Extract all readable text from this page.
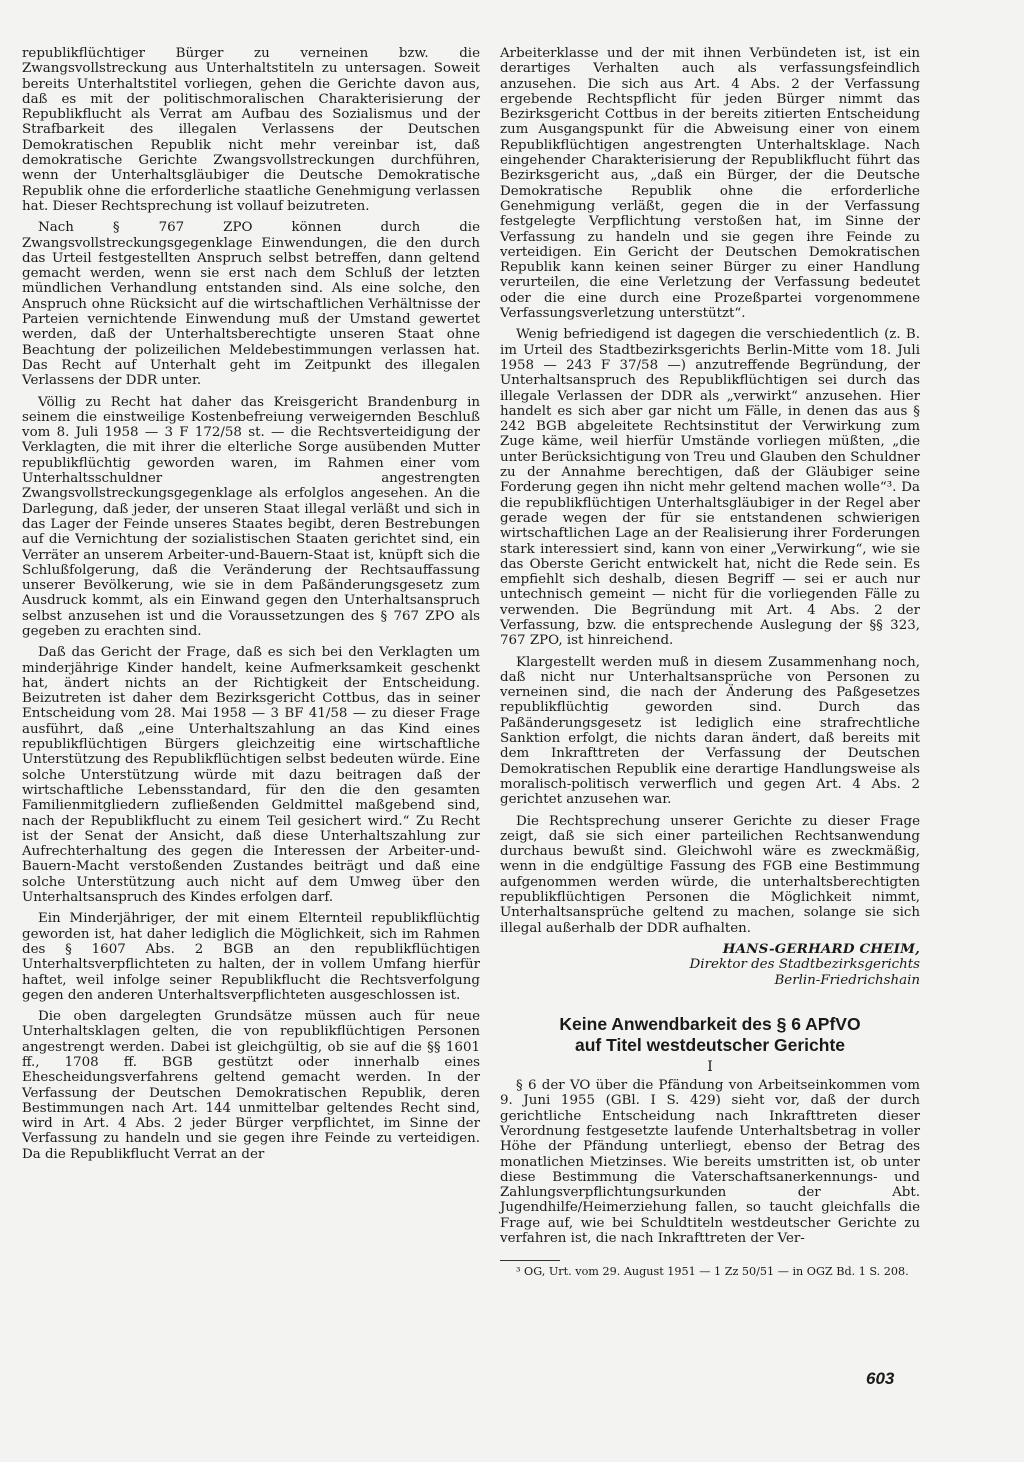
republikflüchtiger Bürger zu verneinen bzw. die Zwangsvollstreckung aus Unterhaltstiteln zu untersagen. Soweit bereits Unterhaltstitel vorliegen, gehen die Gerichte davon aus, daß es mit der politischmoralischen Charakterisierung der Republikflucht als Verrat am Aufbau des Sozialismus und der Strafbarkeit des illegalen Verlassens der Deutschen Demokratischen Republik nicht mehr vereinbar ist, daß demokratische Gerichte Zwangsvollstreckungen durchführen, wenn der Unterhaltsgläubiger die Deutsche Demokratische Republik ohne die erforderliche staatliche Genehmigung verlassen hat. Dieser Rechtsprechung ist vollauf beizutreten.

Nach § 767 ZPO können durch die Zwangsvollstreckungsgegenklage Einwendungen, die den durch das Urteil festgestellten Anspruch selbst betreffen, dann geltend gemacht werden, wenn sie erst nach dem Schluß der letzten mündlichen Verhandlung entstanden sind. Als eine solche, den Anspruch ohne Rücksicht auf die wirtschaftlichen Verhältnisse der Parteien vernichtende Einwendung muß der Umstand gewertet werden, daß der Unterhaltsberechtigte unseren Staat ohne Beachtung der polizeilichen Meldebestimmungen verlassen hat. Das Recht auf Unterhalt geht im Zeitpunkt des illegalen Verlassens der DDR unter.

Völlig zu Recht hat daher das Kreisgericht Brandenburg in seinem die einstweilige Kostenbefreiung verweigernden Beschluß vom 8. Juli 1958 — 3 F 172/58 st. — die Rechtsverteidigung der Verklagten, die mit ihrer die elterliche Sorge ausübenden Mutter republikflüchtig geworden waren, im Rahmen einer vom Unterhaltsschuldner angestrengten Zwangsvollstreckungsgegenklage als erfolglos angesehen. An die Darlegung, daß jeder, der unseren Staat illegal verläßt und sich in das Lager der Feinde unseres Staates begibt, deren Bestrebungen auf die Vernichtung der sozialistischen Staaten gerichtet sind, ein Verräter an unserem Arbeiter-und-Bauern-Staat ist, knüpft sich die Schlußfolgerung, daß die Veränderung der Rechtsauffassung unserer Bevölkerung, wie sie in dem Paßänderungsgesetz zum Ausdruck kommt, als ein Einwand gegen den Unterhaltsanspruch selbst anzusehen ist und die Voraussetzungen des § 767 ZPO als gegeben zu erachten sind.

Daß das Gericht der Frage, daß es sich bei den Verklagten um minderjährige Kinder handelt, keine Aufmerksamkeit geschenkt hat, ändert nichts an der Richtigkeit der Entscheidung. Beizutreten ist daher dem Bezirksgericht Cottbus, das in seiner Entscheidung vom 28. Mai 1958 — 3 BF 41/58 — zu dieser Frage ausführt, daß „eine Unterhaltszahlung an das Kind eines republikflüchtigen Bürgers gleichzeitig eine wirtschaftliche Unterstützung des Republikflüchtigen selbst bedeuten würde. Eine solche Unterstützung würde mit dazu beitragen daß der wirtschaftliche Lebensstandard, für den die den gesamten Familienmitgliedern zufließenden Geldmittel maßgebend sind, nach der Republikflucht zu einem Teil gesichert wird.“ Zu Recht ist der Senat der Ansicht, daß diese Unterhaltszahlung zur Aufrechterhaltung des gegen die Interessen der Arbeiter-und-Bauern-Macht verstoßenden Zustandes beiträgt und daß eine solche Unterstützung auch nicht auf dem Umweg über den Unterhaltsanspruch des Kindes erfolgen darf.

Ein Minderjähriger, der mit einem Elternteil republikflüchtig geworden ist, hat daher lediglich die Möglichkeit, sich im Rahmen des § 1607 Abs. 2 BGB an den republikflüchtigen Unterhaltsverpflichteten zu halten, der in vollem Umfang hierfür haftet, weil infolge seiner Republikflucht die Rechtsverfolgung gegen den anderen Unterhaltsverpflichteten ausgeschlossen ist.

Die oben dargelegten Grundsätze müssen auch für neue Unterhaltsklagen gelten, die von republikflüchtigen Personen angestrengt werden. Dabei ist gleichgültig, ob sie auf die §§ 1601 ff., 1708 ff. BGB gestützt oder innerhalb eines Ehescheidungsverfahrens geltend gemacht werden. In der Verfassung der Deutschen Demokratischen Republik, deren Bestimmungen nach Art. 144 unmittelbar geltendes Recht sind, wird in Art. 4 Abs. 2 jeder Bürger verpflichtet, im Sinne der Verfassung zu handeln und sie gegen ihre Feinde zu verteidigen. Da die Republikflucht Verrat an der

Arbeiterklasse und der mit ihnen Verbündeten ist, ist ein derartiges Verhalten auch als verfassungsfeindlich anzusehen. Die sich aus Art. 4 Abs. 2 der Verfassung ergebende Rechtspflicht für jeden Bürger nimmt das Bezirksgericht Cottbus in der bereits zitierten Entscheidung zum Ausgangspunkt für die Abweisung einer von einem Republikflüchtigen angestrengten Unterhaltsklage. Nach eingehender Charakterisierung der Republikflucht führt das Bezirksgericht aus, „daß ein Bürger, der die Deutsche Demokratische Republik ohne die erforderliche Genehmigung verläßt, gegen die in der Verfassung festgelegte Verpflichtung verstoßen hat, im Sinne der Verfassung zu handeln und sie gegen ihre Feinde zu verteidigen. Ein Gericht der Deutschen Demokratischen Republik kann keinen seiner Bürger zu einer Handlung verurteilen, die eine Verletzung der Verfassung bedeutet oder die eine durch eine Prozeßpartei vorgenommene Verfassungsverletzung unterstützt“.

Wenig befriedigend ist dagegen die verschiedentlich (z. B. im Urteil des Stadtbezirksgerichts Berlin-Mitte vom 18. Juli 1958 — 243 F 37/58 —) anzutreffende Begründung, der Unterhaltsanspruch des Republikflüchtigen sei durch das illegale Verlassen der DDR als „verwirkt“ anzusehen. Hier handelt es sich aber gar nicht um Fälle, in denen das aus § 242 BGB abgeleitete Rechtsinstitut der Verwirkung zum Zuge käme, weil hierfür Umstände vorliegen müßten, „die unter Berücksichtigung von Treu und Glauben den Schuldner zu der Annahme berechtigen, daß der Gläubiger seine Forderung gegen ihn nicht mehr geltend machen wolle“³. Da die republikflüchtigen Unterhaltsgläubiger in der Regel aber gerade wegen der für sie entstandenen schwierigen wirtschaftlichen Lage an der Realisierung ihrer Forderungen stark interessiert sind, kann von einer „Verwirkung“, wie sie das Oberste Gericht entwickelt hat, nicht die Rede sein. Es empfiehlt sich deshalb, diesen Begriff — sei er auch nur untechnisch gemeint — nicht für die vorliegenden Fälle zu verwenden. Die Begründung mit Art. 4 Abs. 2 der Verfassung, bzw. die entsprechende Auslegung der §§ 323, 767 ZPO, ist hinreichend.

Klargestellt werden muß in diesem Zusammenhang noch, daß nicht nur Unterhaltsansprüche von Personen zu verneinen sind, die nach der Änderung des Paßgesetzes republikflüchtig geworden sind. Durch das Paßänderungsgesetz ist lediglich eine strafrechtliche Sanktion erfolgt, die nichts daran ändert, daß bereits mit dem Inkrafttreten der Verfassung der Deutschen Demokratischen Republik eine derartige Handlungsweise als moralisch-politisch verwerflich und gegen Art. 4 Abs. 2 gerichtet anzusehen war.

Die Rechtsprechung unserer Gerichte zu dieser Frage zeigt, daß sie sich einer parteilichen Rechtsanwendung durchaus bewußt sind. Gleichwohl wäre es zweckmäßig, wenn in die endgültige Fassung des FGB eine Bestimmung aufgenommen werden würde, die unterhaltsberechtigten republikflüchtigen Personen die Möglichkeit nimmt, Unterhaltsansprüche geltend zu machen, solange sie sich illegal außerhalb der DDR aufhalten.

HANS-GERHARD CHEIM,
Direktor des Stadtbezirksgerichts
Berlin-Friedrichshain
Keine Anwendbarkeit des § 6 APfVO
auf Titel westdeutscher Gerichte
I

§ 6 der VO über die Pfändung von Arbeitseinkommen vom 9. Juni 1955 (GBl. I S. 429) sieht vor, daß der durch gerichtliche Entscheidung nach Inkrafttreten dieser Verordnung festgesetzte laufende Unterhaltsbetrag in voller Höhe der Pfändung unterliegt, ebenso der Betrag des monatlichen Mietzinses. Wie bereits umstritten ist, ob unter diese Bestimmung die Vaterschaftsanerkennungs- und Zahlungsverpflichtungsurkunden der Abt. Jugendhilfe/Heimerziehung fallen, so taucht gleichfalls die Frage auf, wie bei Schuldtiteln westdeutscher Gerichte zu verfahren ist, die nach Inkrafttreten der Ver-

³ OG, Urt. vom 29. August 1951 — 1 Zz 50/51 — in OGZ Bd. 1 S. 208.

603
